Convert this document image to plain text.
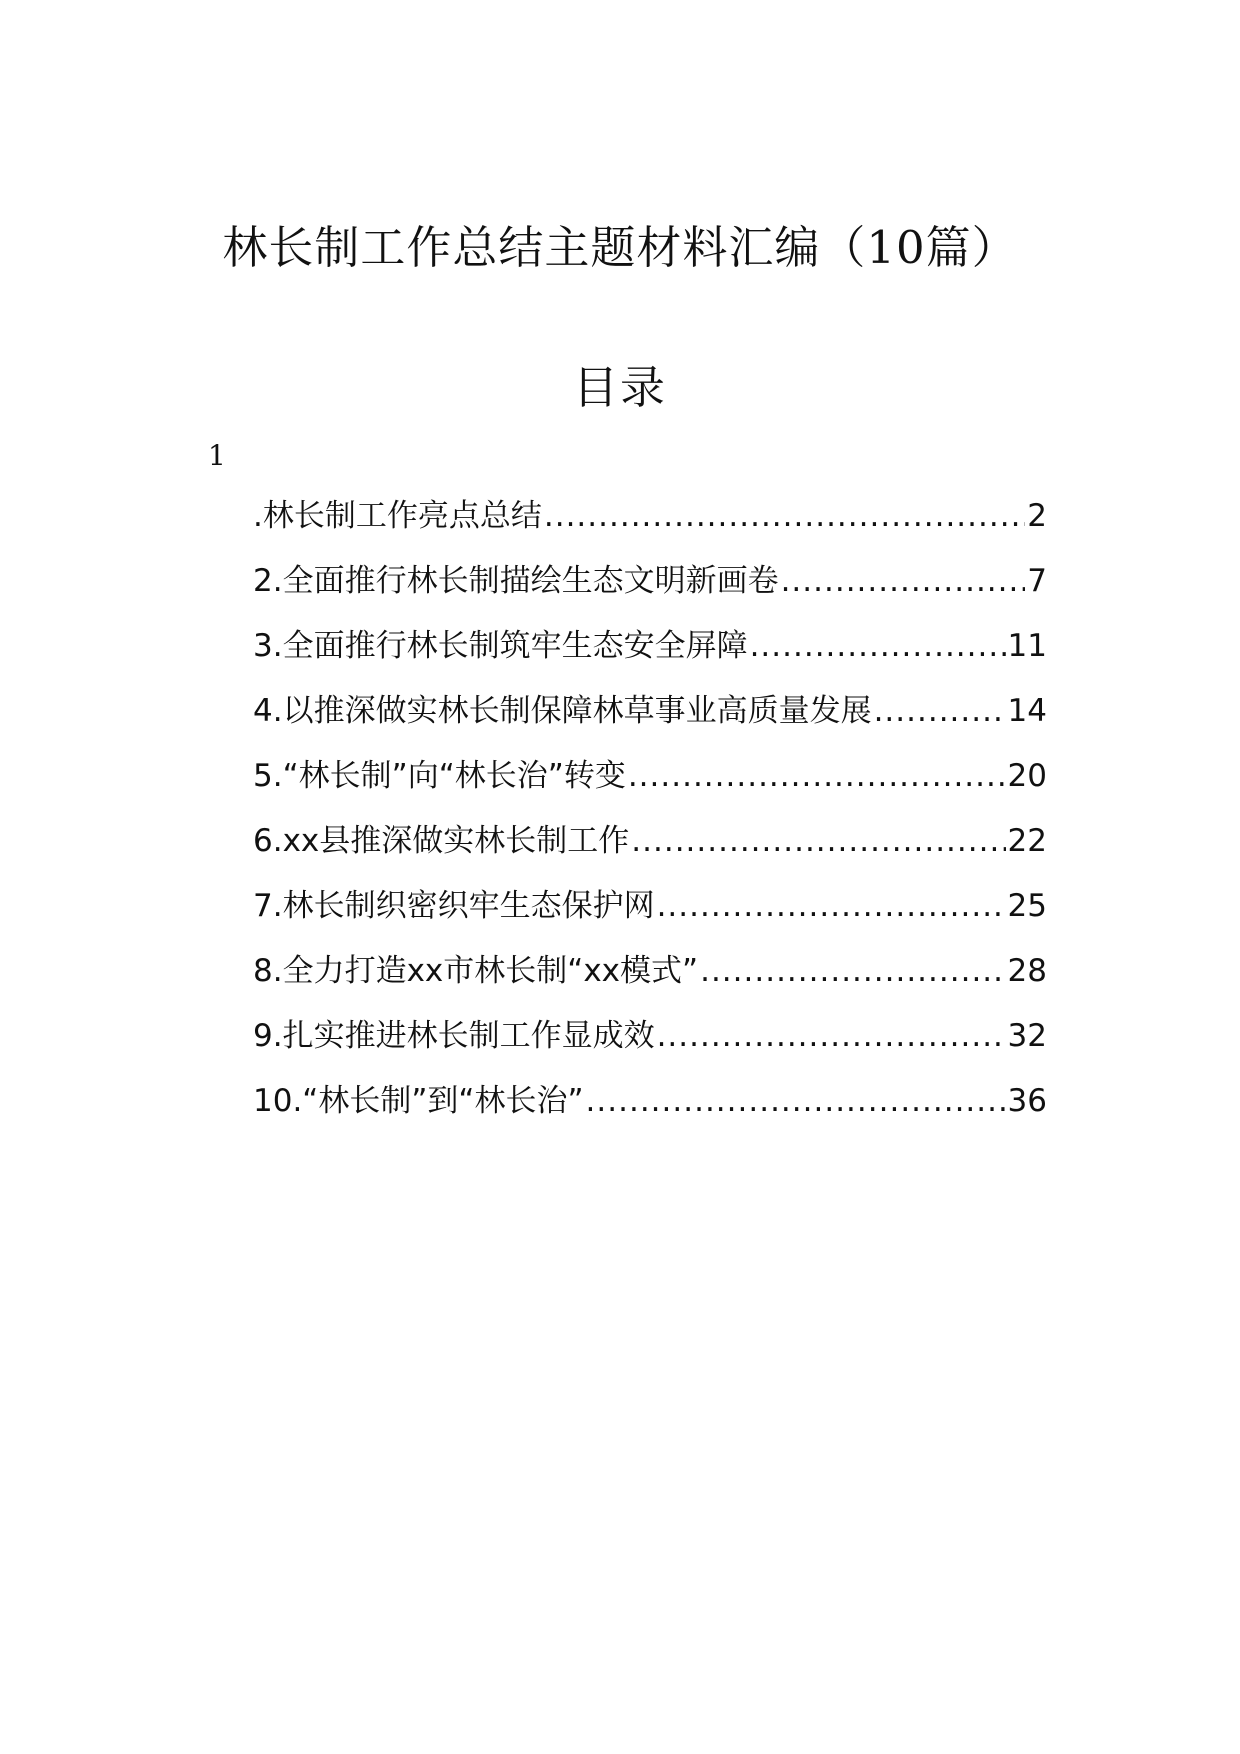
林长制工作总结主题材料汇编（10篇）
目录
1
.林长制工作亮点总结 .....	2
2.全面推行林长制描绘生态文明新画卷 .....	7
3.全面推行林长制筑牢生态安全屏障 .....	11
4.以推深做实林长制保障林草事业高质量发展 .....	14
5.“林长制”向“林长治”转变 .....	20
6.xx县推深做实林长制工作 .....	22
7.林长制织密织牢生态保护网 .....	25
8.全力打造xx市林长制“xx模式” .....	28
9.扎实推进林长制工作显成效 .....	32
10.“林长制”到“林长治” .....	36
